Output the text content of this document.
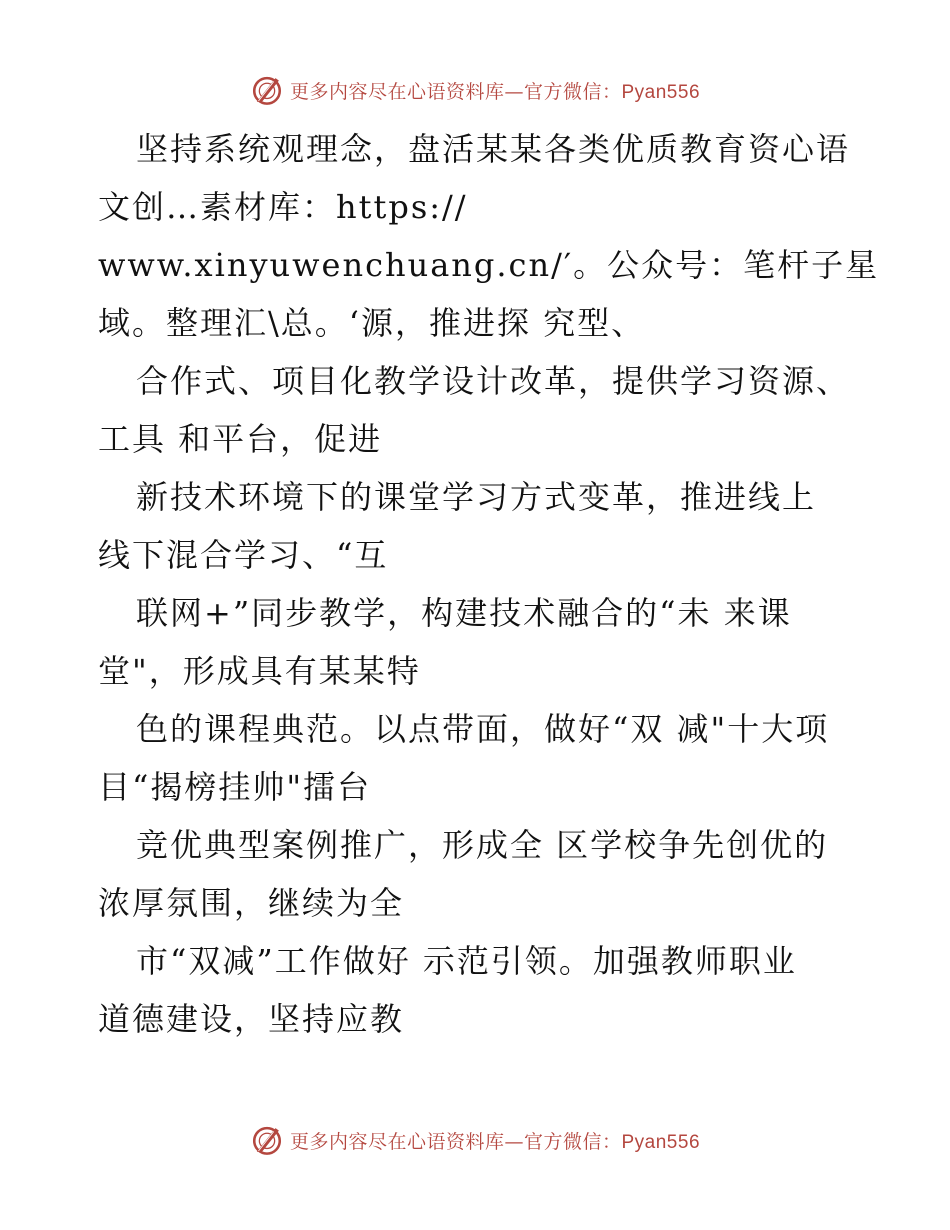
更多内容尽在心语资料库—官方微信：Pyan556
坚持系统观理念，盘活某某各类优质教育资心语
文创…素材库：https://
www.xinyuwenchuang.cn/′。公众号：笔杆子星
域。整理汇\总。‘源，推进探 究型、
合作式、项目化教学设计改革，提供学习资源、
工具 和平台，促进
新技术环境下的课堂学习方式变革，推进线上
线下混合学习、“互
联网+”同步教学，构建技术融合的“未 来课
堂"，形成具有某某特
色的课程典范。以点带面，做好“双 减"十大项
目“揭榜挂帅"擂台
竞优典型案例推广，形成全 区学校争先创优的
浓厚氛围，继续为全
市“双减”工作做好 示范引领。加强教师职业
道德建设，坚持应教
更多内容尽在心语资料库—官方微信：Pyan556
